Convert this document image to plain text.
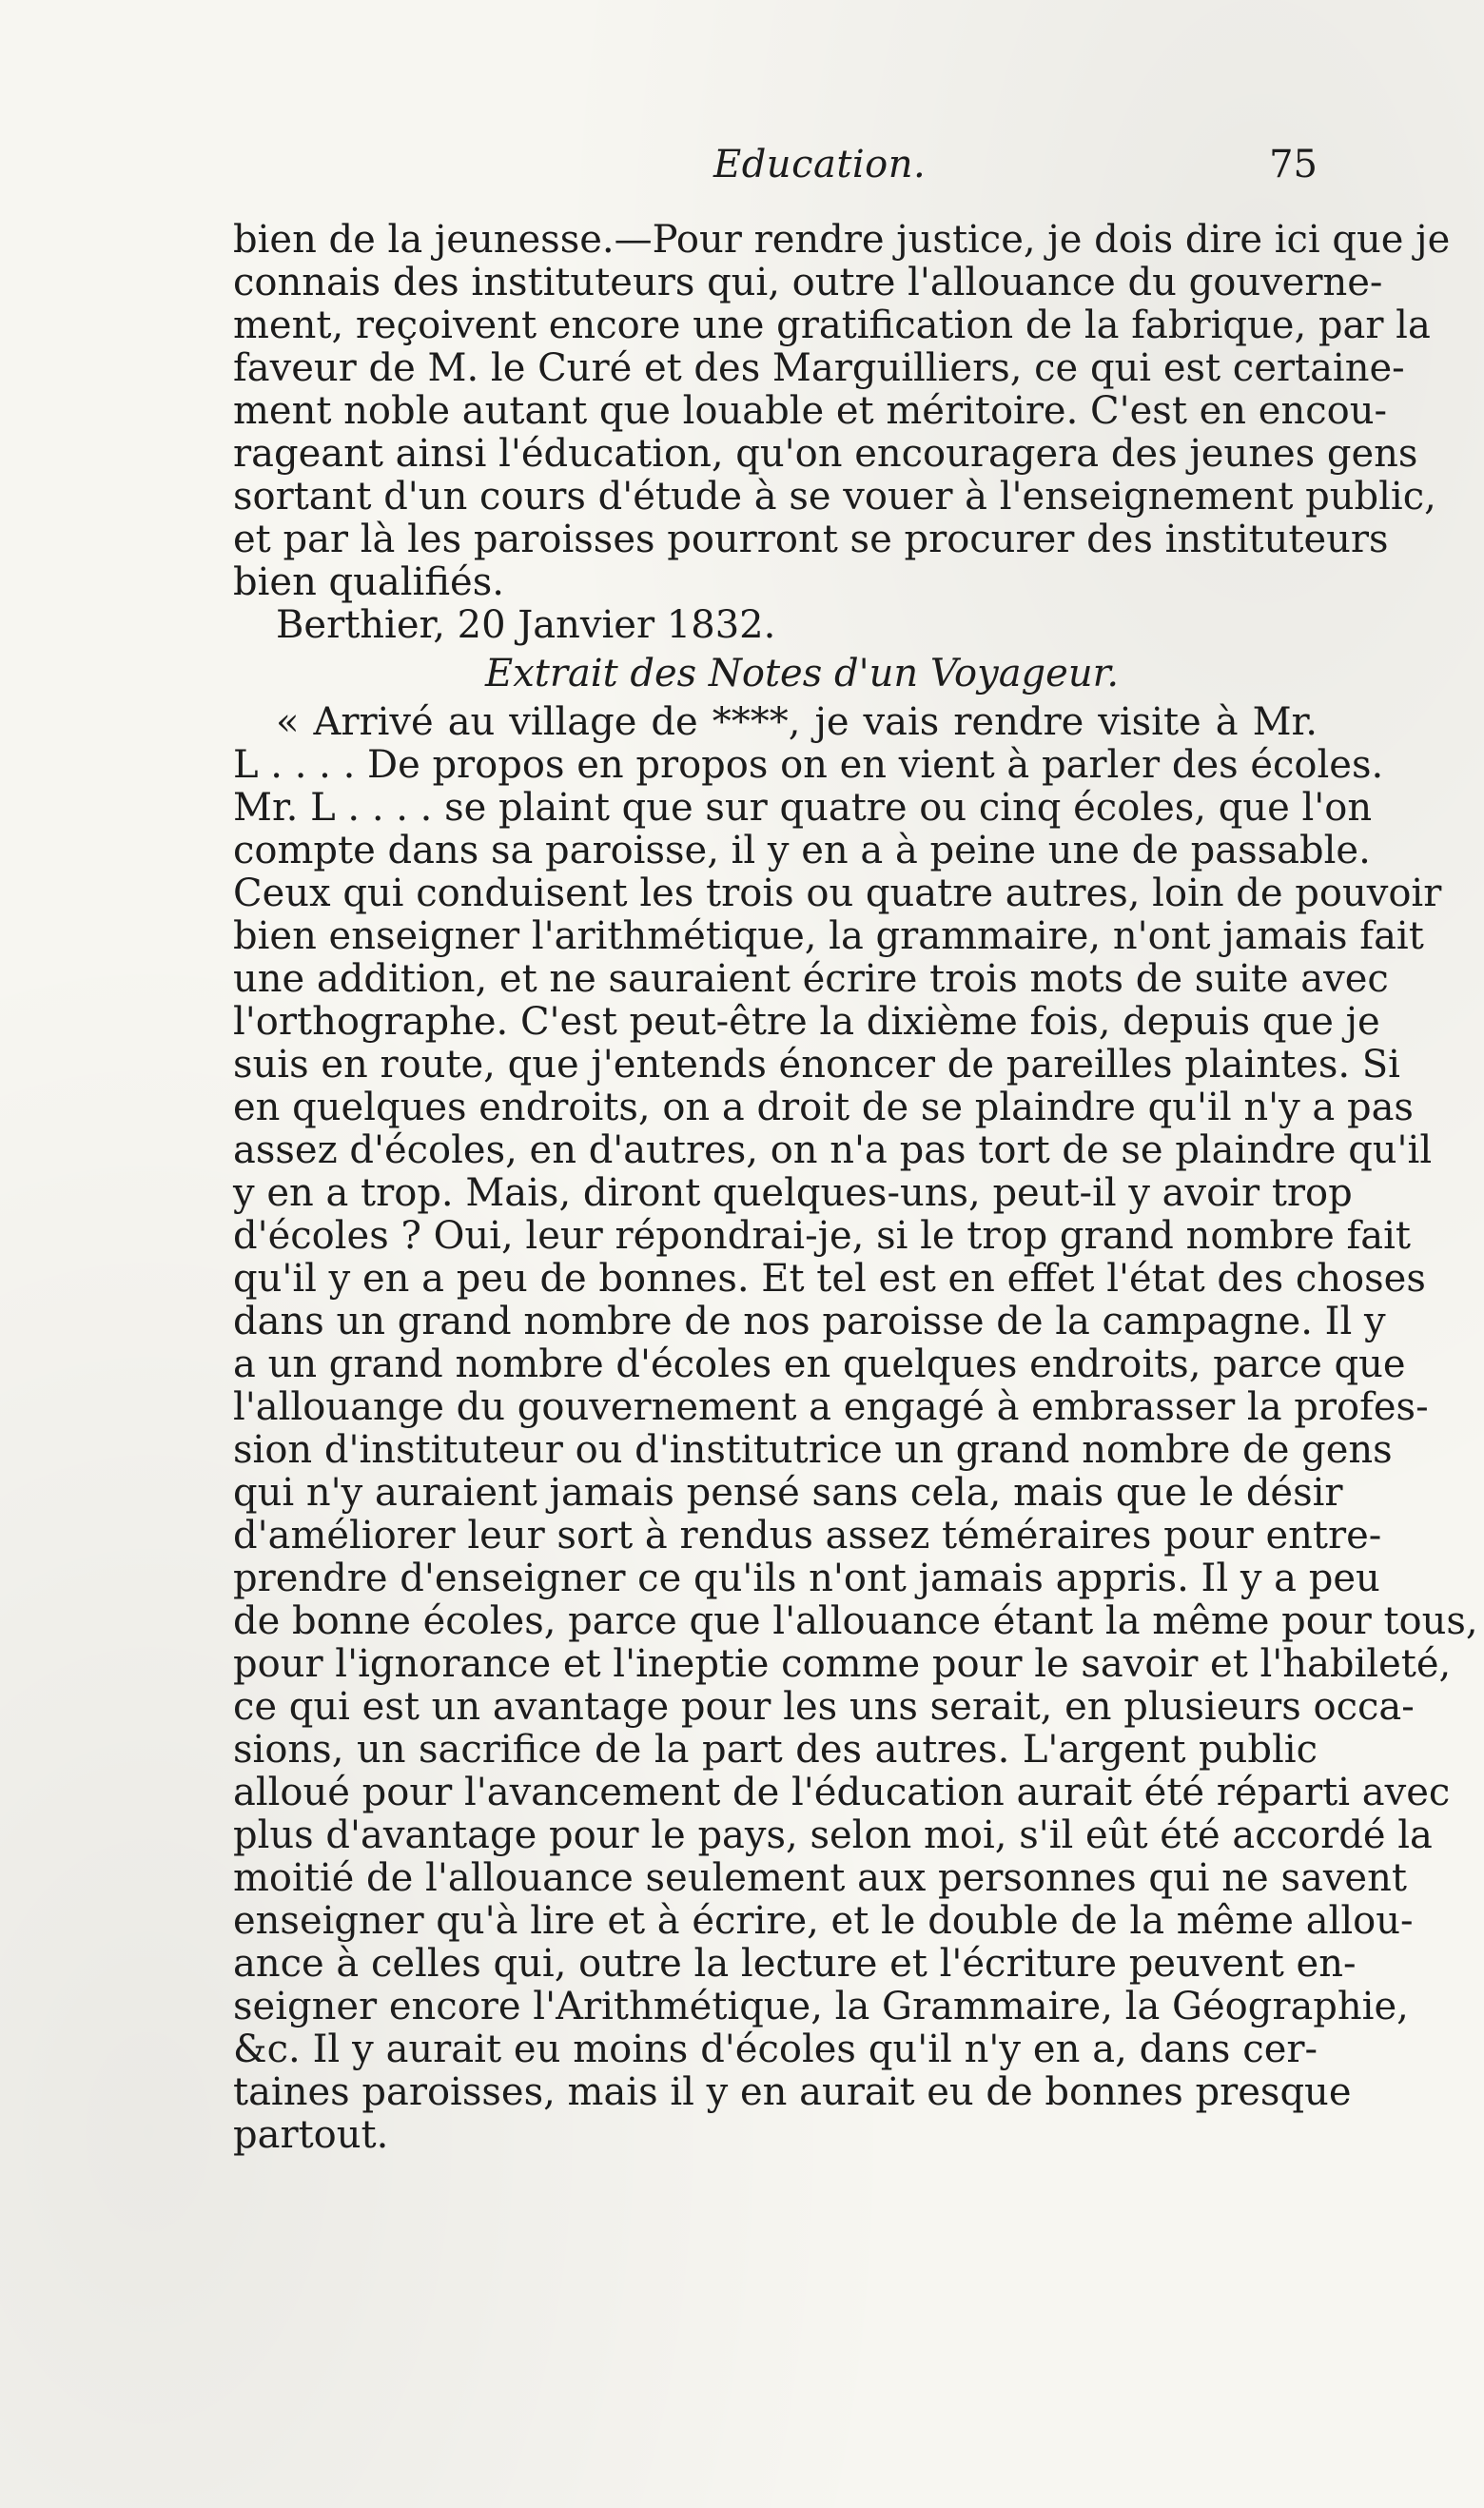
Education.	75
bien de la jeunesse.—Pour rendre justice, je dois dire ici que je
connais des instituteurs qui, outre l'allouance du gouverne-
ment, reçoivent encore une gratification de la fabrique, par la
faveur de M. le Curé et des Marguilliers, ce qui est certaine-
ment noble autant que louable et méritoire. C'est en encou-
rageant ainsi l'éducation, qu'on encouragera des jeunes gens
sortant d'un cours d'étude à se vouer à l'enseignement public,
et par là les paroisses pourront se procurer des instituteurs
bien qualifiés.
Berthier, 20 Janvier 1832.
Extrait des Notes d'un Voyageur.
« Arrivé au village de ****, je vais rendre visite à Mr.
L . . . . De propos en propos on en vient à parler des écoles.
Mr. L . . . . se plaint que sur quatre ou cinq écoles, que l'on
compte dans sa paroisse, il y en a à peine une de passable.
Ceux qui conduisent les trois ou quatre autres, loin de pouvoir
bien enseigner l'arithmétique, la grammaire, n'ont jamais fait
une addition, et ne sauraient écrire trois mots de suite avec
l'orthographe. C'est peut-être la dixième fois, depuis que je
suis en route, que j'entends énoncer de pareilles plaintes. Si
en quelques endroits, on a droit de se plaindre qu'il n'y a pas
assez d'écoles, en d'autres, on n'a pas tort de se plaindre qu'il
y en a trop. Mais, diront quelques-uns, peut-il y avoir trop
d'écoles ? Oui, leur répondrai-je, si le trop grand nombre fait
qu'il y en a peu de bonnes. Et tel est en effet l'état des choses
dans un grand nombre de nos paroisse de la campagne. Il y
a un grand nombre d'écoles en quelques endroits, parce que
l'allouange du gouvernement a engagé à embrasser la profes-
sion d'instituteur ou d'institutrice un grand nombre de gens
qui n'y auraient jamais pensé sans cela, mais que le désir
d'améliorer leur sort à rendus assez téméraires pour entre-
prendre d'enseigner ce qu'ils n'ont jamais appris. Il y a peu
de bonne écoles, parce que l'allouance étant la même pour tous,
pour l'ignorance et l'ineptie comme pour le savoir et l'habileté,
ce qui est un avantage pour les uns serait, en plusieurs occa-
sions, un sacrifice de la part des autres. L'argent public
alloué pour l'avancement de l'éducation aurait été réparti avec
plus d'avantage pour le pays, selon moi, s'il eût été accordé la
moitié de l'allouance seulement aux personnes qui ne savent
enseigner qu'à lire et à écrire, et le double de la même allou-
ance à celles qui, outre la lecture et l'écriture peuvent en-
seigner encore l'Arithmétique, la Grammaire, la Géographie,
&c. Il y aurait eu moins d'écoles qu'il n'y en a, dans cer-
taines paroisses, mais il y en aurait eu de bonnes presque
partout.
